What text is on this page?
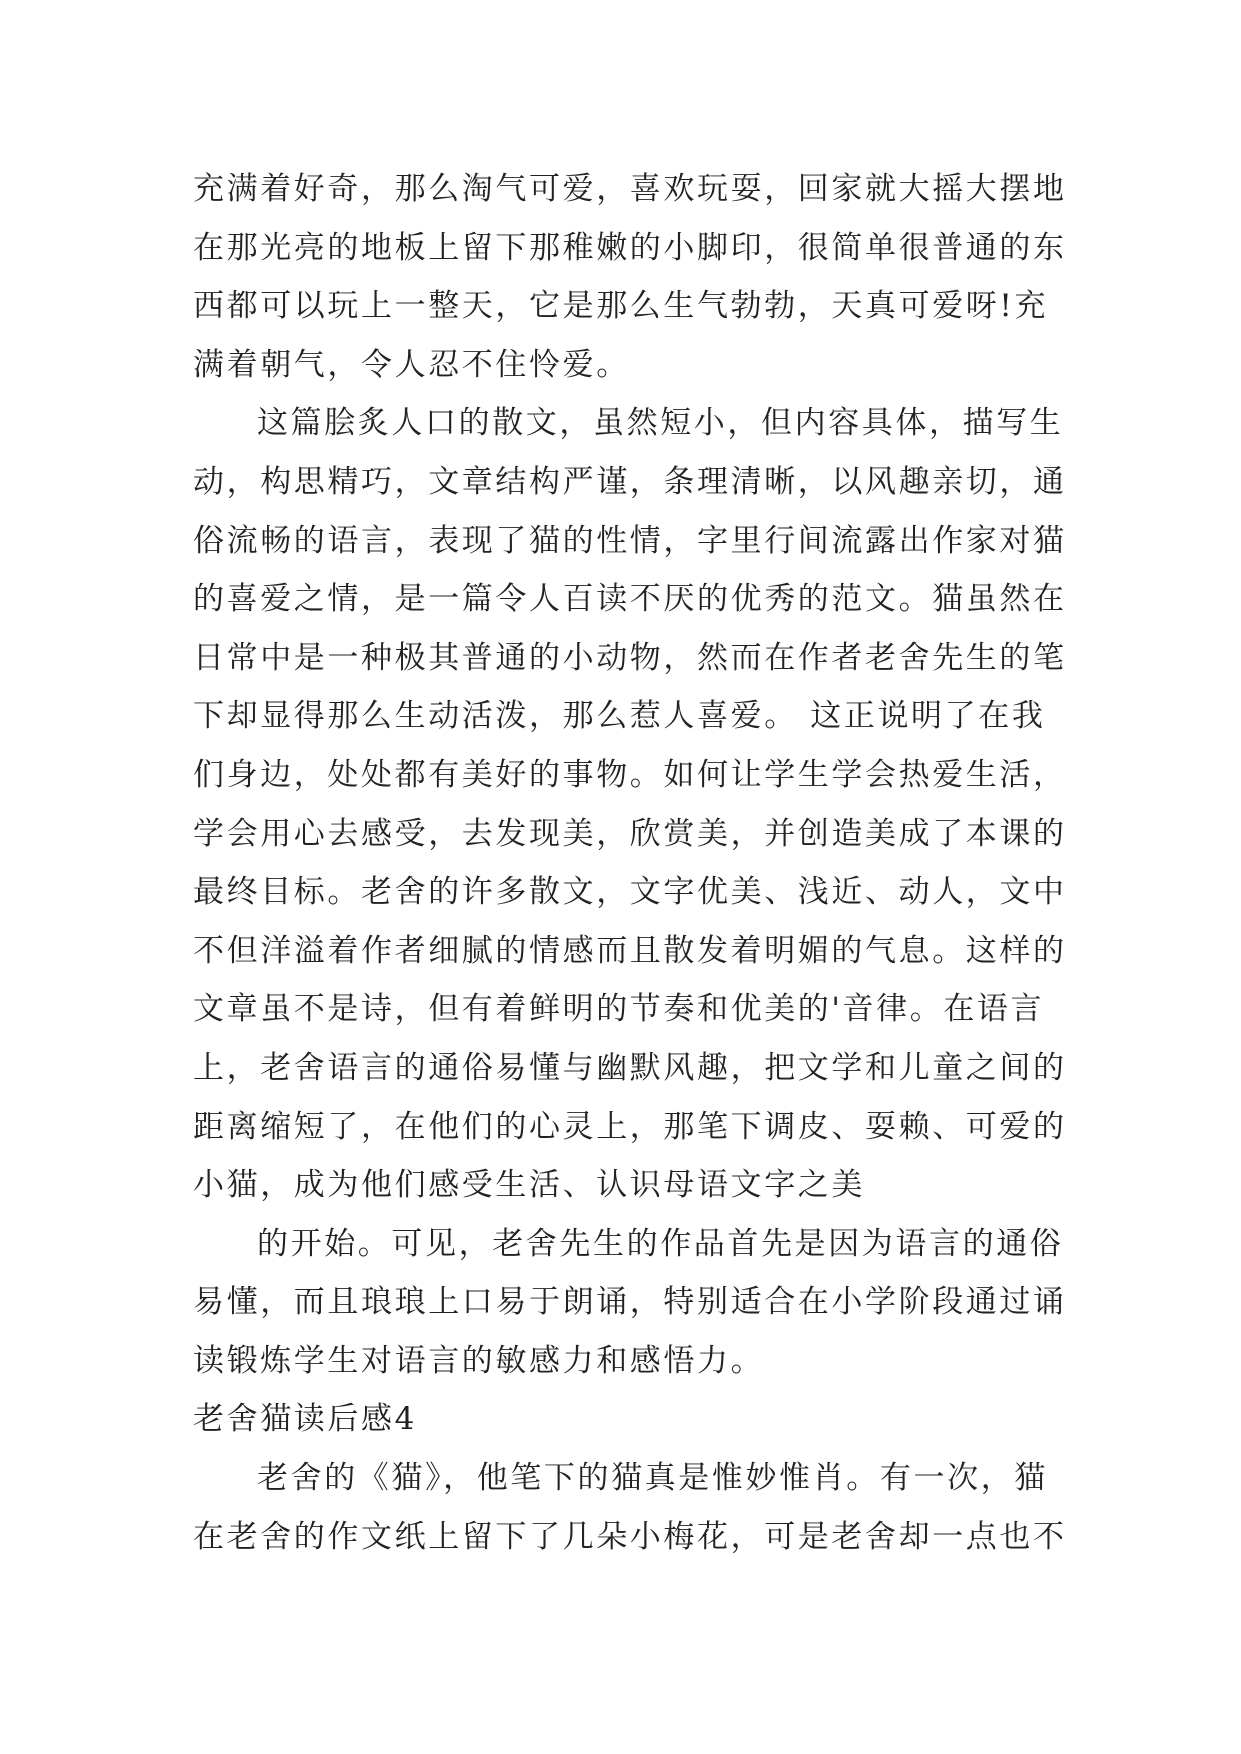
充满着好奇，那么淘气可爱，喜欢玩耍，回家就大摇大摆地
在那光亮的地板上留下那稚嫩的小脚印，很简单很普通的东
西都可以玩上一整天，它是那么生气勃勃，天真可爱呀!充
满着朝气，令人忍不住怜爱。
这篇脍炙人口的散文，虽然短小，但内容具体，描写生
动，构思精巧，文章结构严谨，条理清晰，以风趣亲切，通
俗流畅的语言，表现了猫的性情，字里行间流露出作家对猫
的喜爱之情，是一篇令人百读不厌的优秀的范文。猫虽然在
日常中是一种极其普通的小动物，然而在作者老舍先生的笔
下却显得那么生动活泼，那么惹人喜爱。 这正说明了在我
们身边，处处都有美好的事物。如何让学生学会热爱生活，
学会用心去感受，去发现美，欣赏美，并创造美成了本课的
最终目标。老舍的许多散文，文字优美、浅近、动人，文中
不但洋溢着作者细腻的情感而且散发着明媚的气息。这样的
文章虽不是诗，但有着鲜明的节奏和优美的'音律。在语言
上，老舍语言的通俗易懂与幽默风趣，把文学和儿童之间的
距离缩短了，在他们的心灵上，那笔下调皮、耍赖、可爱的
小猫，成为他们感受生活、认识母语文字之美
的开始。可见，老舍先生的作品首先是因为语言的通俗
易懂，而且琅琅上口易于朗诵，特别适合在小学阶段通过诵
读锻炼学生对语言的敏感力和感悟力。
老舍猫读后感4
老舍的《猫》，他笔下的猫真是惟妙惟肖。有一次，猫
在老舍的作文纸上留下了几朵小梅花，可是老舍却一点也不
